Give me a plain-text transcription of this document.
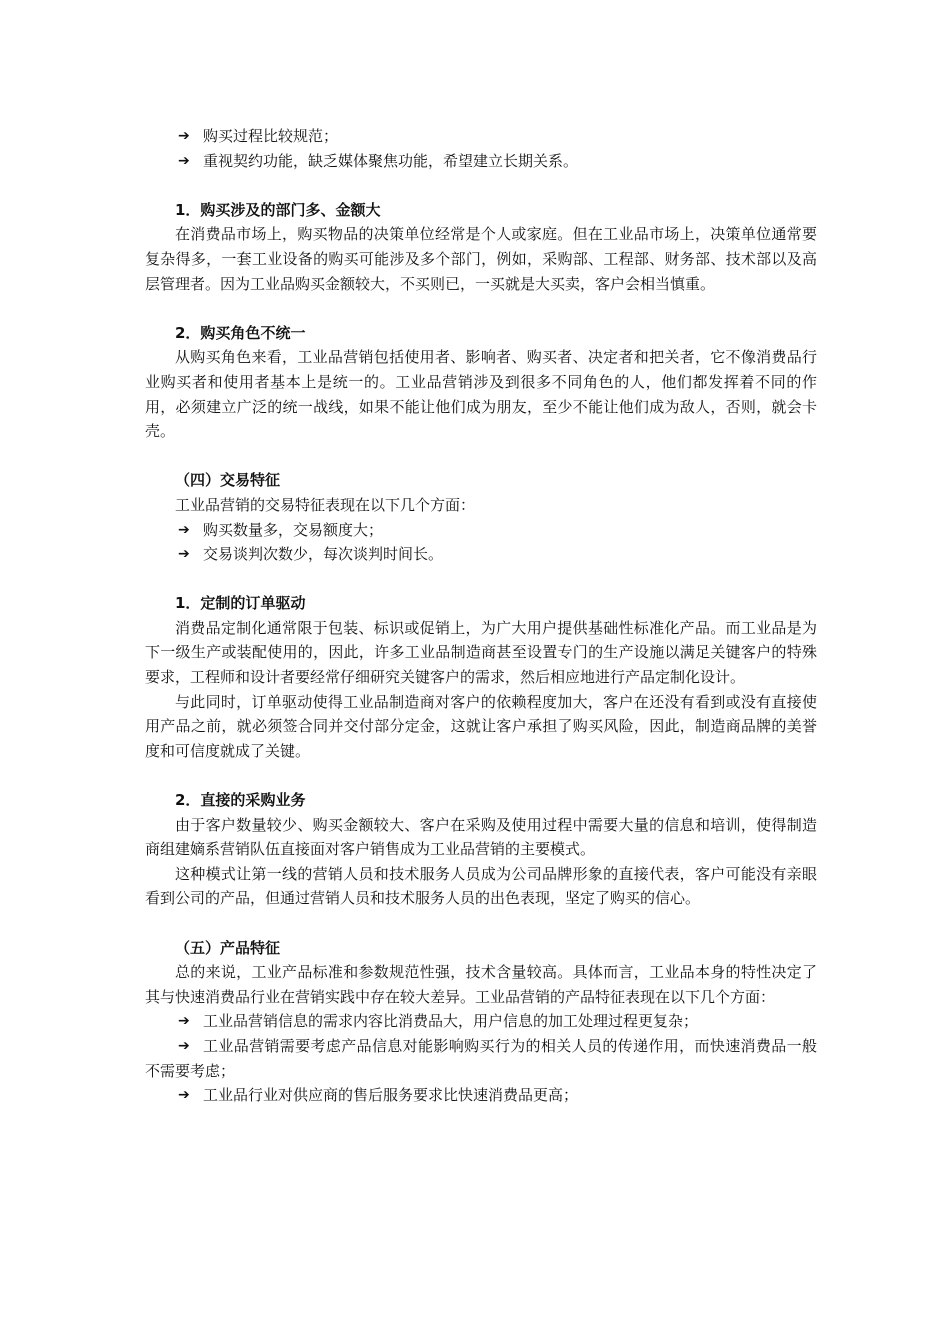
➔ 购买过程比较规范；

➔ 重视契约功能，缺乏媒体聚焦功能，希望建立长期关系。

1．购买涉及的部门多、金额大

在消费品市场上，购买物品的决策单位经常是个人或家庭。但在工业品市场上，决策单位通常要复杂得多，一套工业设备的购买可能涉及多个部门，例如，采购部、工程部、财务部、技术部以及高层管理者。因为工业品购买金额较大，不买则已，一买就是大买卖，客户会相当慎重。

2．购买角色不统一

从购买角色来看，工业品营销包括使用者、影响者、购买者、决定者和把关者，它不像消费品行业购买者和使用者基本上是统一的。工业品营销涉及到很多不同角色的人，他们都发挥着不同的作用，必须建立广泛的统一战线，如果不能让他们成为朋友，至少不能让他们成为敌人，否则，就会卡壳。

（四）交易特征

工业品营销的交易特征表现在以下几个方面：

➔ 购买数量多，交易额度大；

➔ 交易谈判次数少，每次谈判时间长。

1．定制的订单驱动

消费品定制化通常限于包装、标识或促销上，为广大用户提供基础性标准化产品。而工业品是为下一级生产或装配使用的，因此，许多工业品制造商甚至设置专门的生产设施以满足关键客户的特殊要求，工程师和设计者要经常仔细研究关键客户的需求，然后相应地进行产品定制化设计。

与此同时，订单驱动使得工业品制造商对客户的依赖程度加大，客户在还没有看到或没有直接使用产品之前，就必须签合同并交付部分定金，这就让客户承担了购买风险，因此，制造商品牌的美誉度和可信度就成了关键。

2．直接的采购业务

由于客户数量较少、购买金额较大、客户在采购及使用过程中需要大量的信息和培训，使得制造商组建嫡系营销队伍直接面对客户销售成为工业品营销的主要模式。

这种模式让第一线的营销人员和技术服务人员成为公司品牌形象的直接代表，客户可能没有亲眼看到公司的产品，但通过营销人员和技术服务人员的出色表现，坚定了购买的信心。

（五）产品特征

总的来说，工业产品标准和参数规范性强，技术含量较高。具体而言，工业品本身的特性决定了其与快速消费品行业在营销实践中存在较大差异。工业品营销的产品特征表现在以下几个方面：

➔ 工业品营销信息的需求内容比消费品大，用户信息的加工处理过程更复杂；

➔ 工业品营销需要考虑产品信息对能影响购买行为的相关人员的传递作用，而快速消费品一般不需要考虑；

➔ 工业品行业对供应商的售后服务要求比快速消费品更高；
